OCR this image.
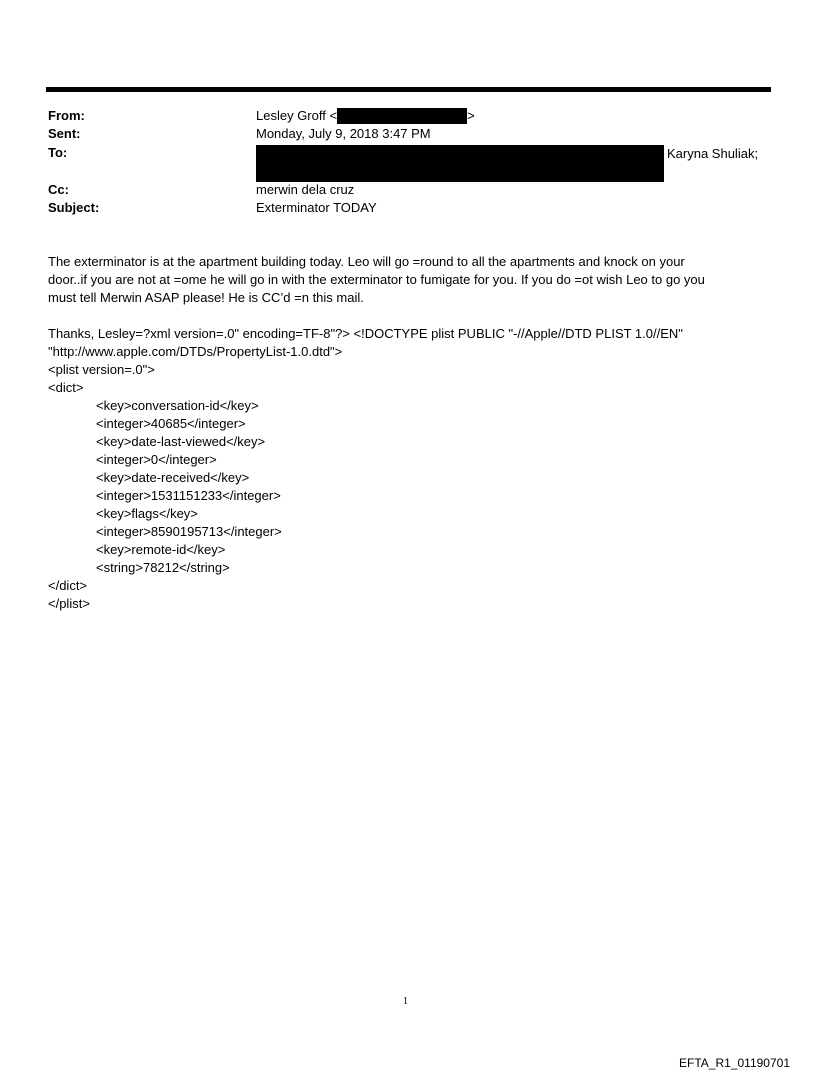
From:	Lesley Groff <	>
Sent:	Monday, July 9, 2018 3:47 PM
To:	Karyna Shuliak;
Cc:	merwin dela cruz
Subject:	Exterminator TODAY
The exterminator is at the apartment building today. Leo will go =round to all the apartments and knock on your
door..if you are not at =ome he will go in with the exterminator to fumigate for you. If you do =ot wish Leo to go you
must tell Merwin ASAP please! He is CC’d =n this mail.
Thanks, Lesley=?xml version=.0" encoding=TF-8"?> <!DOCTYPE plist PUBLIC "-//Apple//DTD PLIST 1.0//EN"
"http://www.apple.com/DTDs/PropertyList-1.0.dtd">
<plist version=.0">
<dict>
<key>conversation-id</key>
<integer>40685</integer>
<key>date-last-viewed</key>
<integer>0</integer>
<key>date-received</key>
<integer>1531151233</integer>
<key>flags</key>
<integer>8590195713</integer>
<key>remote-id</key>
<string>78212</string>
</dict>
</plist>
1
EFTA_R1_01190701
